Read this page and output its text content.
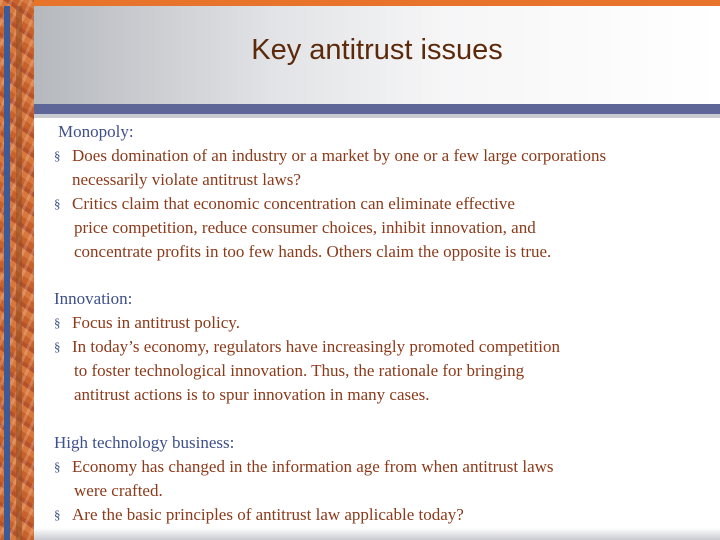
Key antitrust issues
Monopoly:
§ Does domination of an industry or a market by one or a few large corporations
necessarily violate antitrust laws?
§ Critics claim that economic concentration can eliminate effective
price competition, reduce consumer choices, inhibit innovation, and
concentrate profits in too few hands. Others claim the opposite is true.
Innovation:
§ Focus in antitrust policy.
§ In today’s economy, regulators have increasingly promoted competition
to foster technological innovation. Thus, the rationale for bringing
antitrust actions is to spur innovation in many cases.
High technology business:
§ Economy has changed in the information age from when antitrust laws
were crafted.
§ Are the basic principles of antitrust law applicable today?
